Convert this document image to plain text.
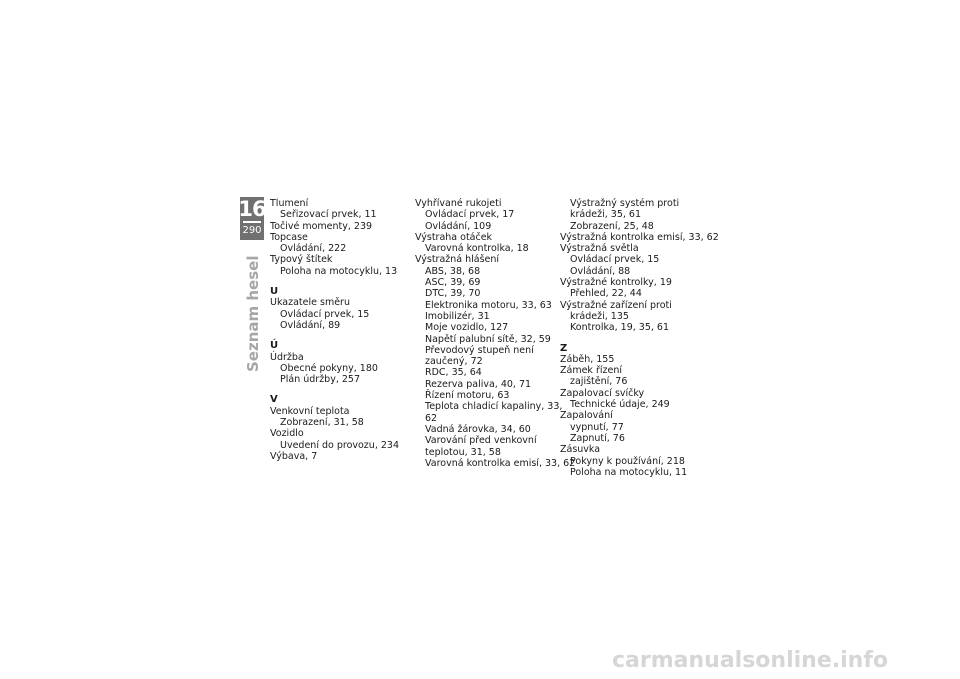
16
290
Seznam hesel
Tlumení
Seřizovací prvek, 11
Točivé momenty, 239
Topcase
Ovládání, 222
Typový štítek
Poloha na motocyklu, 13
U
Ukazatele směru
Ovládací prvek, 15
Ovládání, 89
Ú
Údržba
Obecné pokyny, 180
Plán údržby, 257
V
Venkovní teplota
Zobrazení, 31, 58
Vozidlo
Uvedení do provozu, 234
Výbava, 7
Vyhřívané rukojeti
Ovládací prvek, 17
Ovládání, 109
Výstraha otáček
Varovná kontrolka, 18
Výstražná hlášení
ABS, 38, 68
ASC, 39, 69
DTC, 39, 70
Elektronika motoru, 33, 63
Imobilizér, 31
Moje vozidlo, 127
Napětí palubní sítě, 32, 59
Převodový stupeň není
zaučený, 72
RDC, 35, 64
Rezerva paliva, 40, 71
Řízení motoru, 63
Teplota chladicí kapaliny, 33,
62
Vadná žárovka, 34, 60
Varování před venkovní
teplotou, 31, 58
Varovná kontrolka emisí, 33, 62
Výstražný systém proti
krádeži, 35, 61
Zobrazení, 25, 48
Výstražná kontrolka emisí, 33, 62
Výstražná světla
Ovládací prvek, 15
Ovládání, 88
Výstražné kontrolky, 19
Přehled, 22, 44
Výstražné zařízení proti
krádeži, 135
Kontrolka, 19, 35, 61
Z
Záběh, 155
Zámek řízení
zajištění, 76
Zapalovací svíčky
Technické údaje, 249
Zapalování
vypnutí, 77
Zapnutí, 76
Zásuvka
Pokyny k používání, 218
Poloha na motocyklu, 11
carmanualsonline.info
